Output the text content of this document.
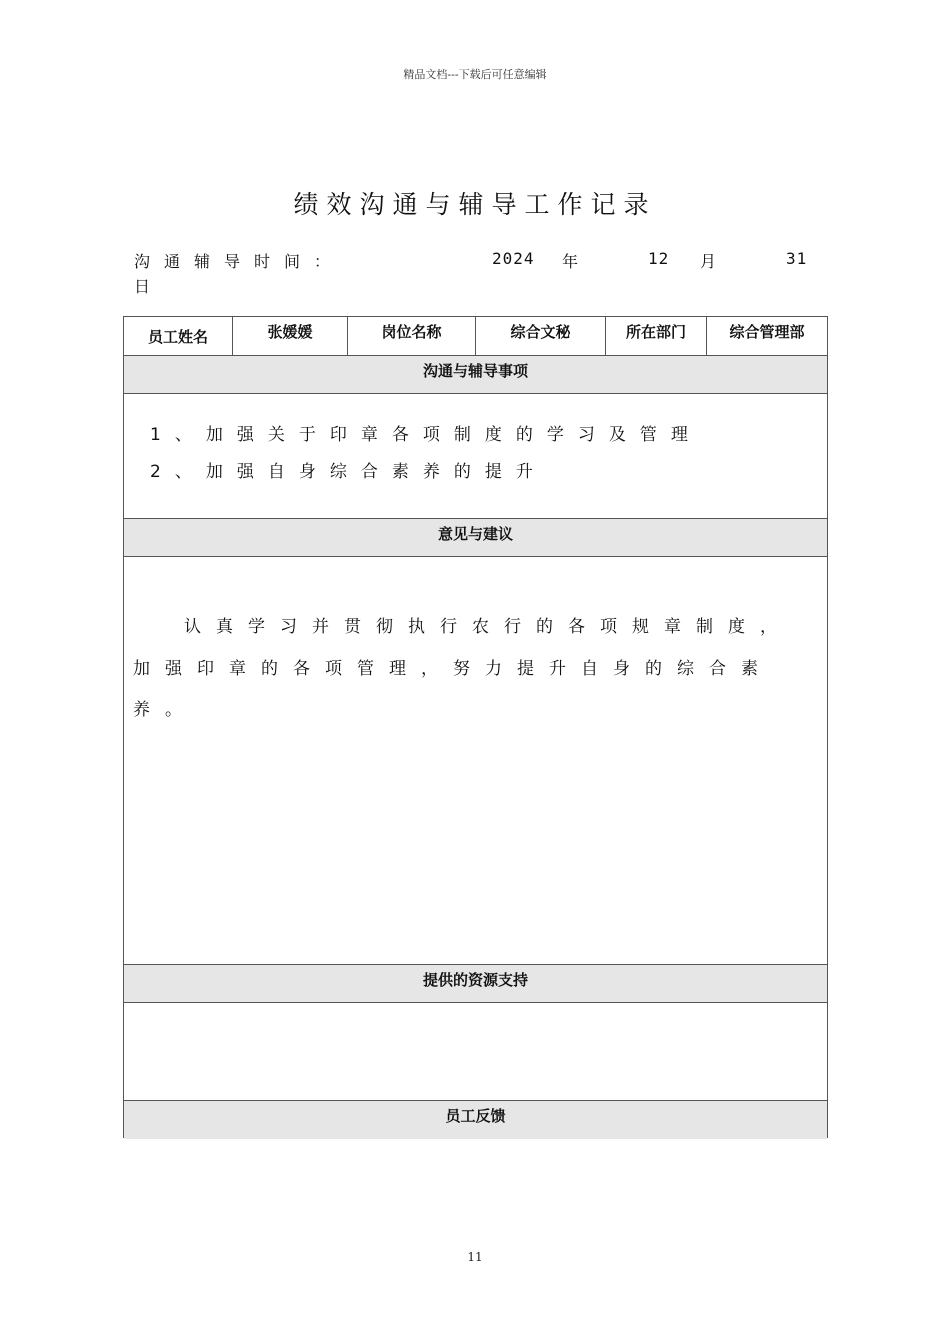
精品文档---下载后可任意编辑
绩效沟通与辅导工作记录
沟通辅导时间：	2024 年	12 月	31
日
员工姓名	张媛媛	岗位名称	综合文秘	所在部门	综合管理部
沟通与辅导事项
1、加强关于印章各项制度的学习及管理
2、加强自身综合素养的提升
意见与建议
认真学习并贯彻执行农行的各项规章制度，加强印章的各项管理，努力提升自身的综合素养。
提供的资源支持
员工反馈
11
